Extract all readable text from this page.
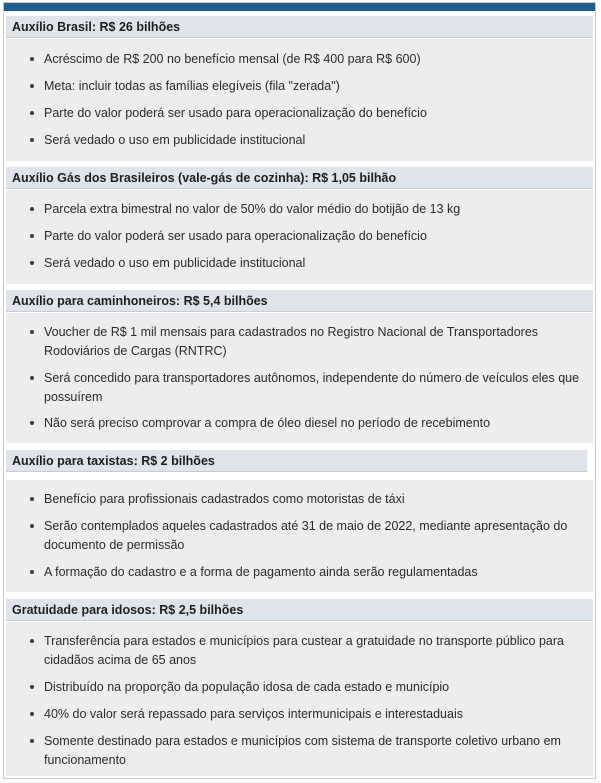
Auxílio Brasil: R$ 26 bilhões
Acréscimo de R$ 200 no benefício mensal (de R$ 400 para R$ 600)
Meta: incluir todas as famílias elegíveis (fila "zerada")
Parte do valor poderá ser usado para operacionalização do benefício
Será vedado o uso em publicidade institucional
Auxílio Gás dos Brasileiros (vale-gás de cozinha): R$ 1,05 bilhão
Parcela extra bimestral no valor de 50% do valor médio do botijão de 13 kg
Parte do valor poderá ser usado para operacionalização do benefício
Será vedado o uso em publicidade institucional
Auxílio para caminhoneiros: R$ 5,4 bilhões
Voucher de R$ 1 mil mensais para cadastrados no Registro Nacional de Transportadores Rodoviários de Cargas (RNTRC)
Será concedido para transportadores autônomos, independente do número de veículos eles que possuírem
Não será preciso comprovar a compra de óleo diesel no período de recebimento
Auxílio para taxistas: R$ 2 bilhões
Benefício para profissionais cadastrados como motoristas de táxi
Serão contemplados aqueles cadastrados até 31 de maio de 2022, mediante apresentação do documento de permissão
A formação do cadastro e a forma de pagamento ainda serão regulamentadas
Gratuidade para idosos: R$ 2,5 bilhões
Transferência para estados e municípios para custear a gratuidade no transporte público para cidadãos acima de 65 anos
Distribuído na proporção da população idosa de cada estado e município
40% do valor será repassado para serviços intermunicipais e interestaduais
Somente destinado para estados e municípios com sistema de transporte coletivo urbano em funcionamento
